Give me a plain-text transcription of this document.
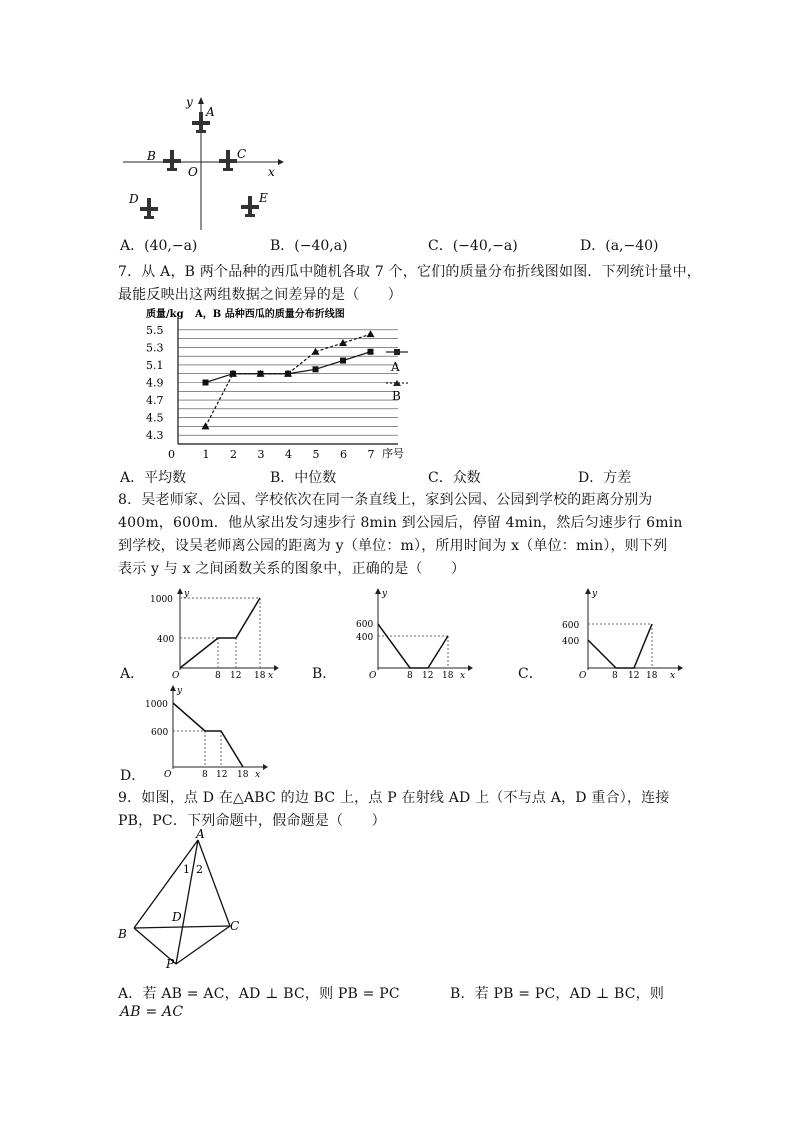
y
x
O
A
B	C
D	E
A．(40,−a)	B．(−40,a)	C．(−40,−a)	D．(a,−40)
7．从 A，B 两个品种的西瓜中随机各取 7 个，它们的质量分布折线图如图．下列统计量中，
最能反映出这两组数据之间差异的是（　　）
质量/kg A，B 品种西瓜的质量分布折线图
序号
4.3
4.5
4.7
4.9
5.1
5.3
5.5
0	1 2 3 4 5 6 7
A
B
A．平均数	B．中位数	C．众数	D．方差
8．吴老师家、公园、学校依次在同一条直线上，家到公园、公园到学校的距离分别为
400m，600m．他从家出发匀速步行 8min 到公园后，停留 4min，然后匀速步行 6min
到学校，设吴老师离公园的距离为 y（单位：m），所用时间为 x（单位：min），则下列
表示 y 与 x 之间函数关系的图象中，正确的是（　　）
1000
400
8 12 18
O	x
y
A．
600
400
8 12 18
O	x
y
B．
600
400
8 12 18
O	x
y
C．
1000
600
8 12 18
O	x
y
D．
9．如图，点 D 在△ABC 的边 BC 上，点 P 在射线 AD 上（不与点 A，D 重合），连接
PB，PC．下列命题中，假命题是（　　）
A
B
C
D
P
1 2
A．若 AB = AC，AD ⊥ BC，则 PB = PC	B．若 PB = PC，AD ⊥ BC，则
AB = AC
